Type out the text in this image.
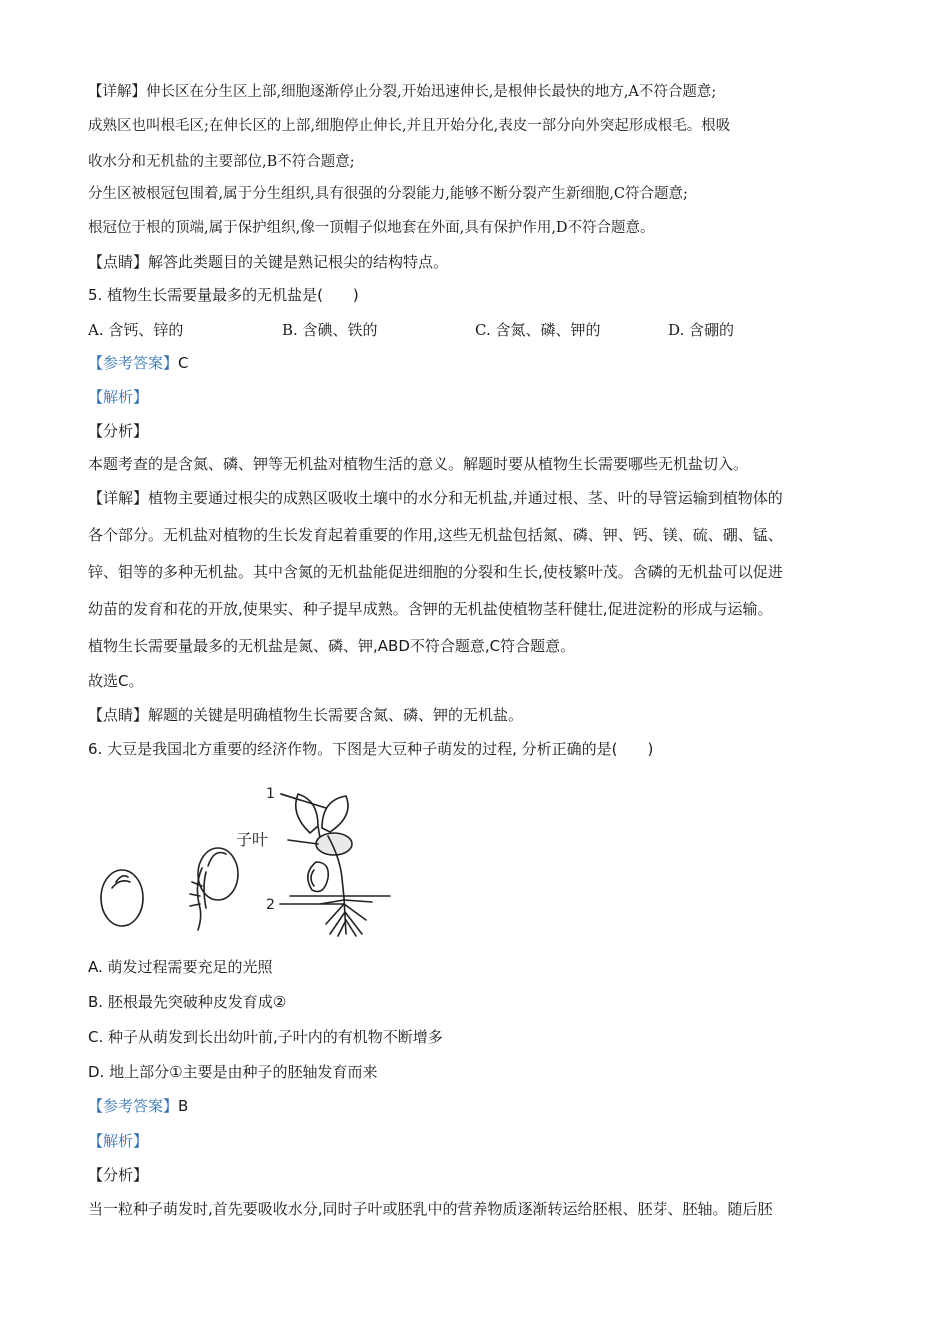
【详解】伸长区在分生区上部,细胞逐渐停止分裂,开始迅速伸长,是根伸长最快的地方,A不符合题意;
成熟区也叫根毛区;在伸长区的上部,细胞停止伸长,并且开始分化,表皮一部分向外突起形成根毛。根吸
收水分和无机盐的主要部位,B不符合题意;
分生区被根冠包围着,属于分生组织,具有很强的分裂能力,能够不断分裂产生新细胞,C符合题意;
根冠位于根的顶端,属于保护组织,像一顶帽子似地套在外面,具有保护作用,D不符合题意。
【点睛】解答此类题目的关键是熟记根尖的结构特点。
5. 植物生长需要量最多的无机盐是(　　)
A. 含钙、锌的	B. 含碘、铁的	C. 含氮、磷、钾的	D. 含硼的
【参考答案】C
【解析】
【分析】
本题考查的是含氮、磷、钾等无机盐对植物生活的意义。解题时要从植物生长需要哪些无机盐切入。
【详解】植物主要通过根尖的成熟区吸收土壤中的水分和无机盐,并通过根、茎、叶的导管运输到植物体的
各个部分。无机盐对植物的生长发育起着重要的作用,这些无机盐包括氮、磷、钾、钙、镁、硫、硼、锰、
锌、钼等的多种无机盐。其中含氮的无机盐能促进细胞的分裂和生长,使枝繁叶茂。含磷的无机盐可以促进
幼苗的发育和花的开放,使果实、种子提早成熟。含钾的无机盐使植物茎秆健壮,促进淀粉的形成与运输。
植物生长需要量最多的无机盐是氮、磷、钾,ABD不符合题意,C符合题意。
故选C。
【点睛】解题的关键是明确植物生长需要含氮、磷、钾的无机盐。
6. 大豆是我国北方重要的经济作物。下图是大豆种子萌发的过程, 分析正确的是(　　)
1
子叶
2
A. 萌发过程需要充足的光照
B. 胚根最先突破种皮发育成②
C. 种子从萌发到长出幼叶前,子叶内的有机物不断增多
D. 地上部分①主要是由种子的胚轴发育而来
【参考答案】B
【解析】
【分析】
当一粒种子萌发时,首先要吸收水分,同时子叶或胚乳中的营养物质逐渐转运给胚根、胚芽、胚轴。随后胚
